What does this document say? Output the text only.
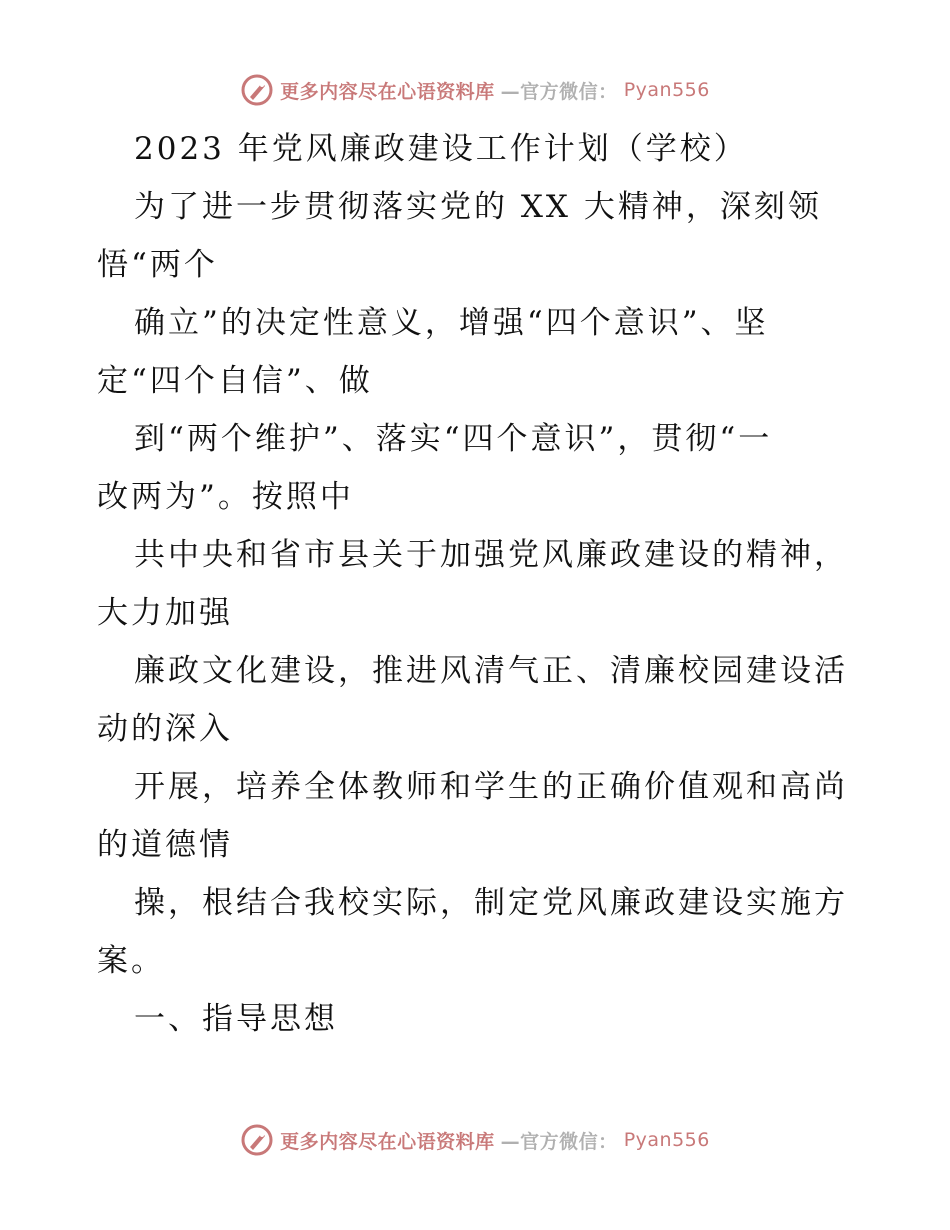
更多内容尽在心语资料库 —官方微信： Pyan556
2023 年党风廉政建设工作计划（学校）
为了进一步贯彻落实党的 XX 大精神，深刻领
悟“两个
确立”的决定性意义，增强“四个意识”、坚
定“四个自信”、做
到“两个维护”、落实“四个意识”，贯彻“一
改两为”。按照中
共中央和省市县关于加强党风廉政建设的精神，
大力加强
廉政文化建设，推进风清气正、清廉校园建设活
动的深入
开展，培养全体教师和学生的正确价值观和高尚
的道德情
操，根结合我校实际，制定党风廉政建设实施方
案。
一、指导思想
更多内容尽在心语资料库 —官方微信： Pyan556
